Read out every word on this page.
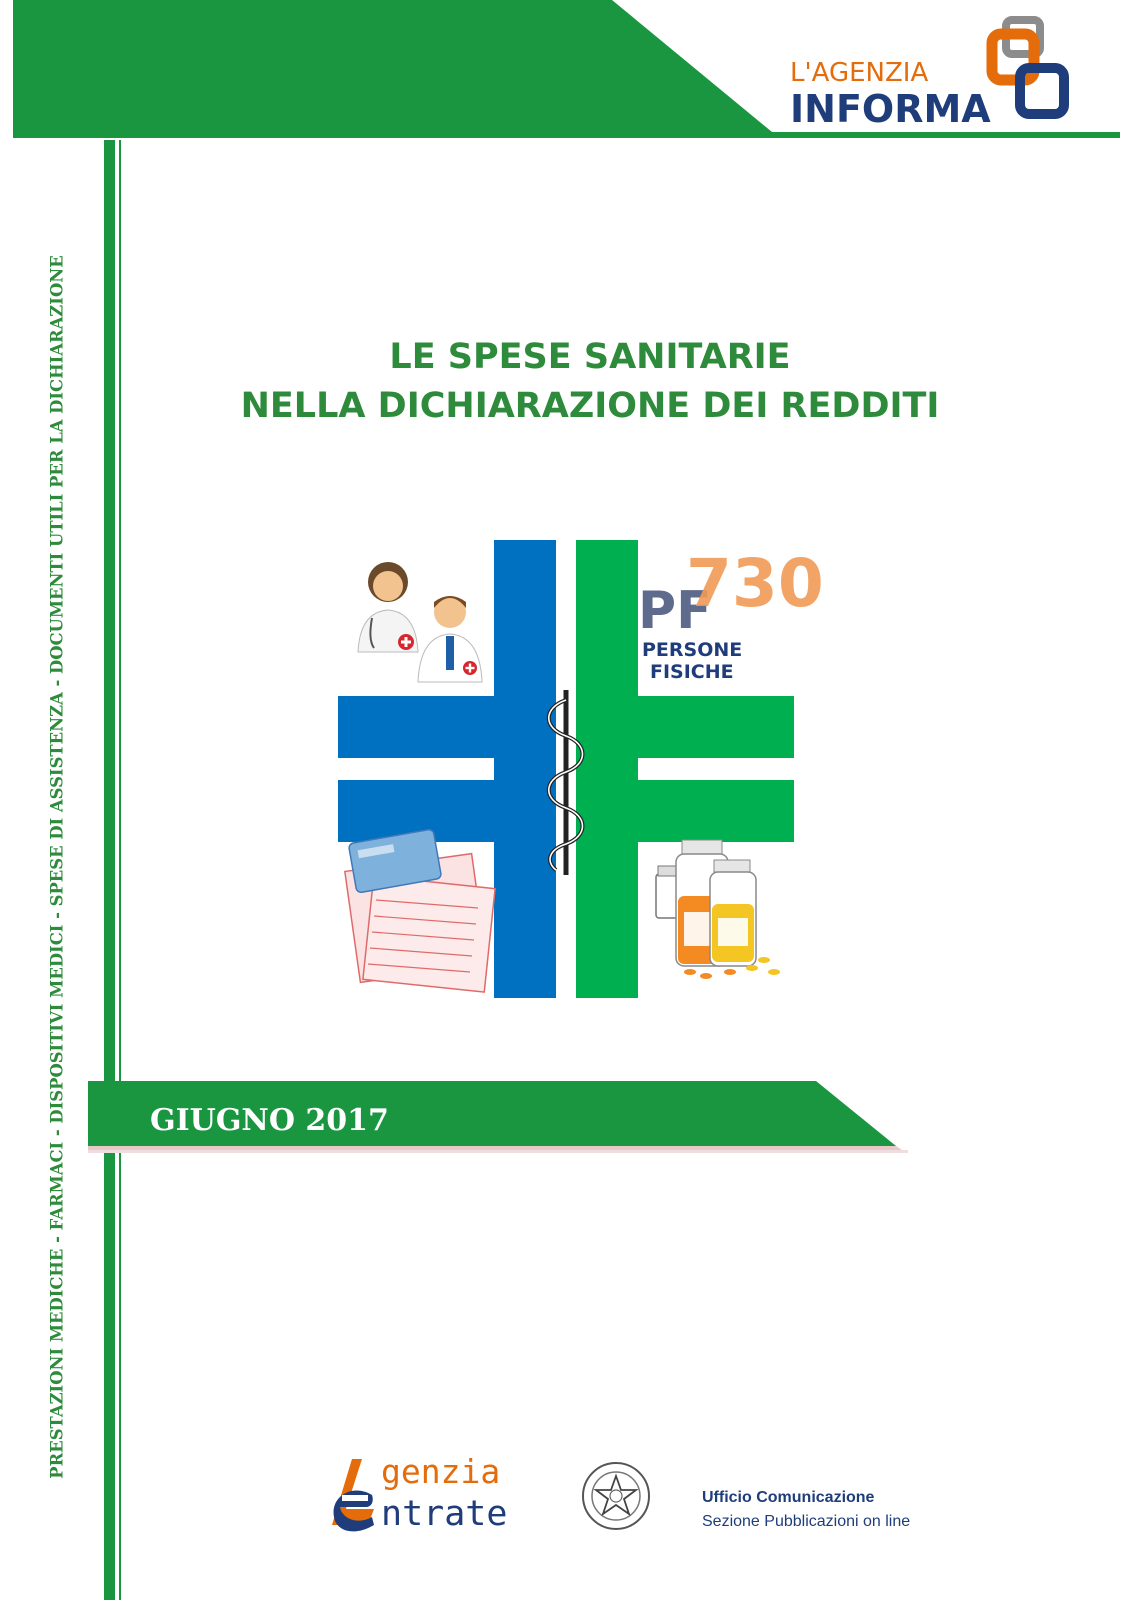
L'AGENZIA
INFORMA
PRESTAZIONI MEDICHE - FARMACI - DISPOSITIVI MEDICI - SPESE DI ASSISTENZA - DOCUMENTI UTILI PER LA DICHIARAZIONE	LE SPESE SANITARIE
NELLA DICHIARAZIONE DEI REDDITI
PF
730
PERSONE
FISICHE
GIUGNO 2017
genzia
ntrate	Ufficio Comunicazione
Sezione Pubblicazioni on line
